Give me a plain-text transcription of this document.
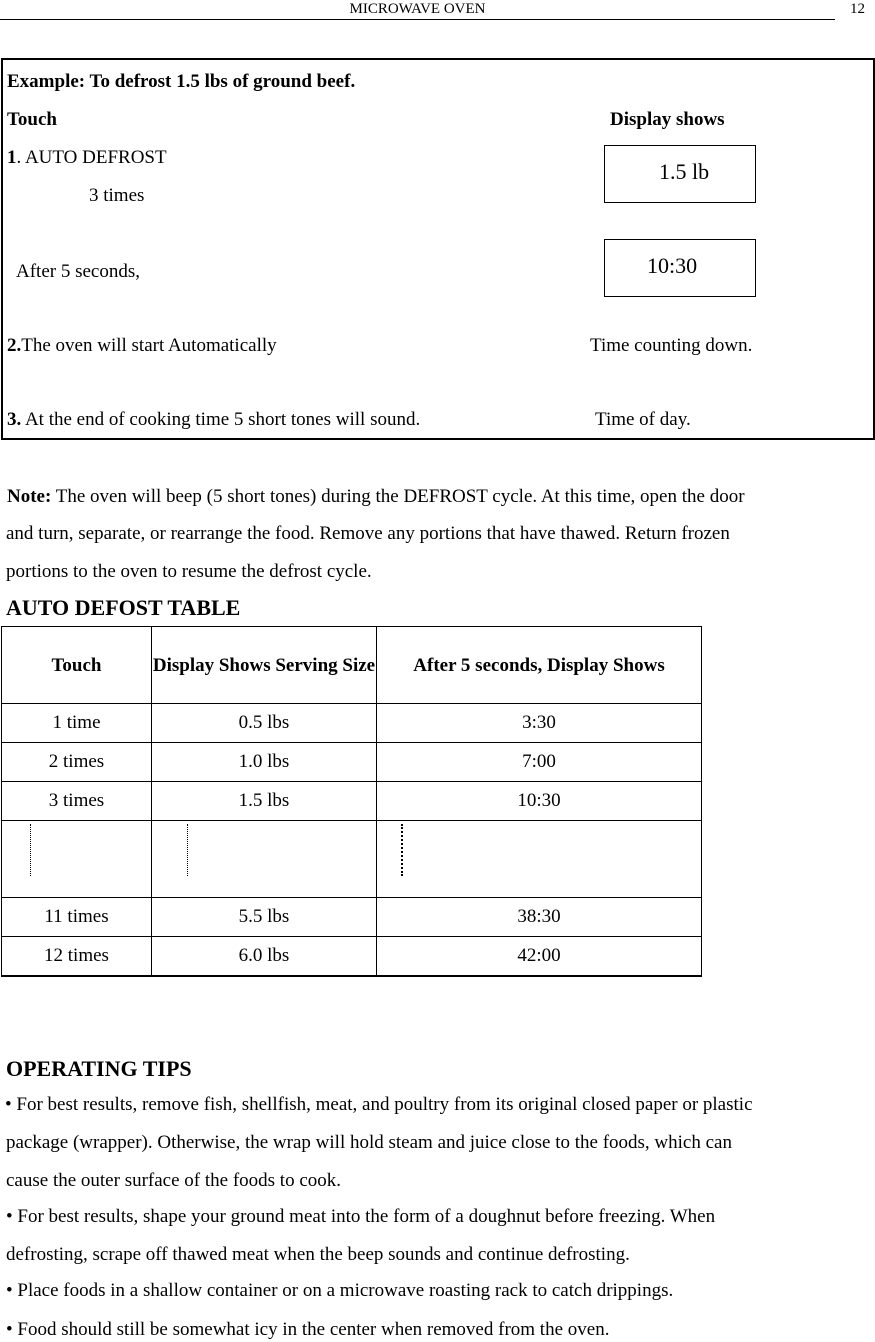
MICROWAVE OVEN	12
Example: To defrost 1.5 lbs of ground beef.
Touch	Display shows
1. AUTO DEFROST
3 times
1.5 lb
After 5 seconds,	10:30
2.The oven will start Automatically	Time counting down.
3. At the end of cooking time 5 short tones will sound.	Time of day.
Note: The oven will beep (5 short tones) during the DEFROST cycle. At this time, open the door
and turn, separate, or rearrange the food. Remove any portions that have thawed. Return frozen
portions to the oven to resume the defrost cycle.
AUTO DEFOST TABLE
Touch	Display Shows Serving Size	After 5 seconds, Display Shows
1 time	0.5 lbs	3:30
2 times	1.0 lbs	7:00
3 times	1.5 lbs	10:30

11 times	5.5 lbs	38:30
12 times	6.0 lbs	42:00
OPERATING TIPS
• For best results, remove fish, shellfish, meat, and poultry from its original closed paper or plastic
package (wrapper). Otherwise, the wrap will hold steam and juice close to the foods, which can
cause the outer surface of the foods to cook.
• For best results, shape your ground meat into the form of a doughnut before freezing. When
defrosting, scrape off thawed meat when the beep sounds and continue defrosting.
• Place foods in a shallow container or on a microwave roasting rack to catch drippings.
• Food should still be somewhat icy in the center when removed from the oven.
